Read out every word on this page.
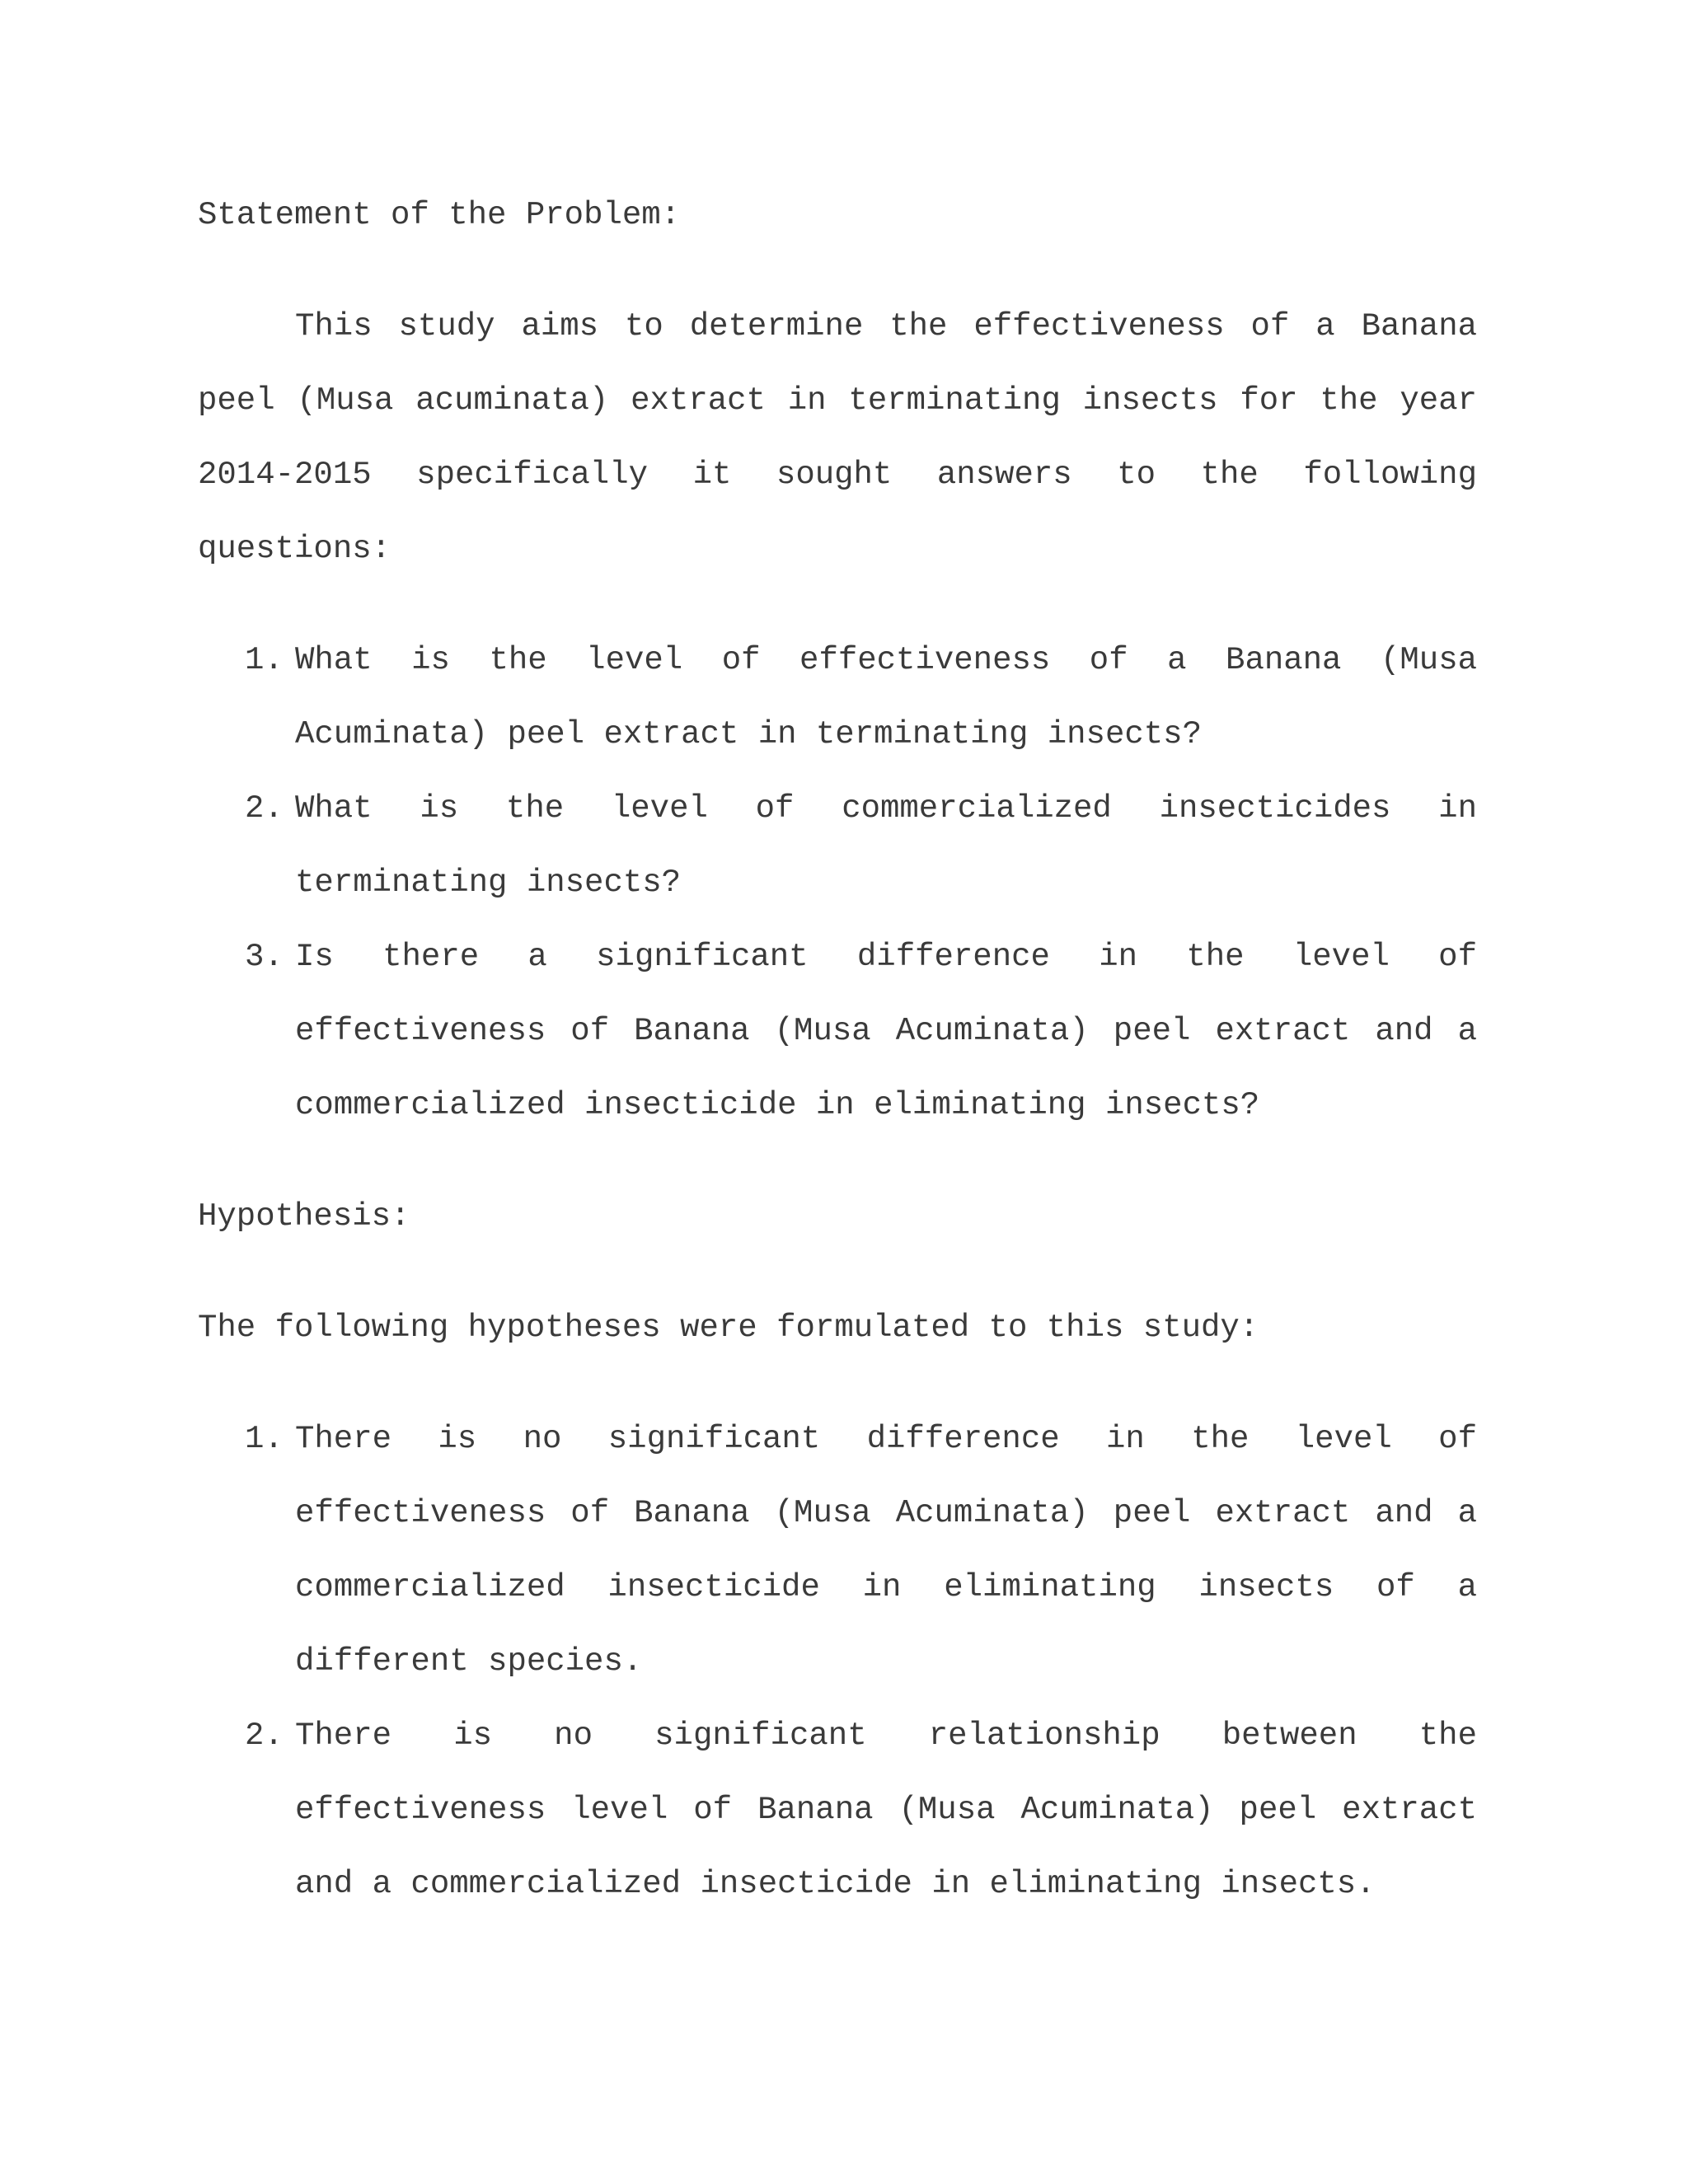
Statement of the Problem:

This study aims to determine the effectiveness of a Banana peel (Musa acuminata) extract in terminating insects for the year 2014-2015 specifically it sought answers to the following questions:

1. What is the level of effectiveness of a Banana (Musa Acuminata) peel extract in terminating insects?
2. What is the level of commercialized insecticides in terminating insects?
3. Is there a significant difference in the level of effectiveness of Banana (Musa Acuminata) peel extract and a commercialized insecticide in eliminating insects?
Hypothesis:
The following hypotheses were formulated to this study:
1. There is no significant difference in the level of effectiveness of Banana (Musa Acuminata) peel extract and a commercialized insecticide in eliminating insects of a different species.
2. There is no significant relationship between the effectiveness level of Banana (Musa Acuminata) peel extract and a commercialized insecticide in eliminating insects.
